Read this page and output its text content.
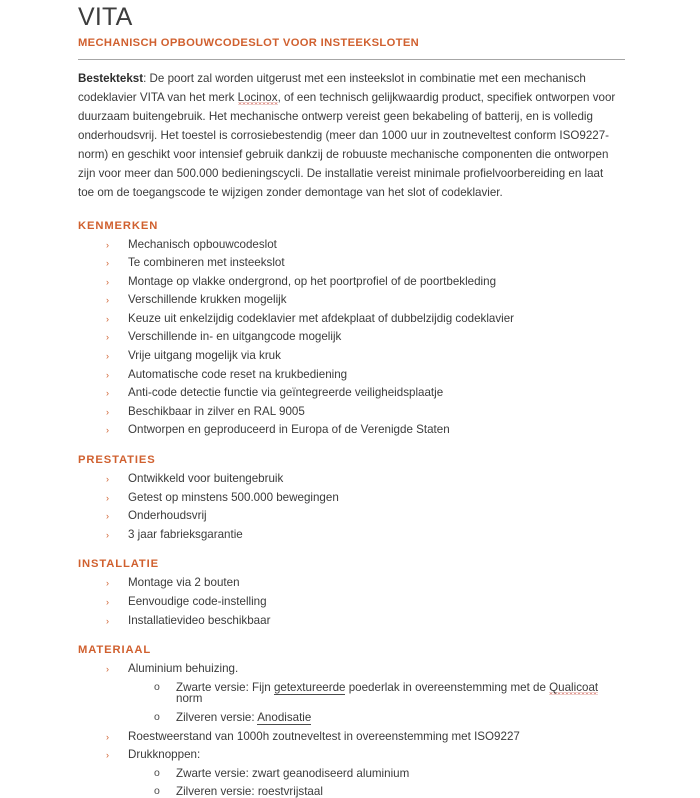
VITA
MECHANISCH OPBOUWCODESLOT VOOR INSTEEKSLOTEN

Bestektekst: De poort zal worden uitgerust met een insteekslot in combinatie met een mechanisch codeklavier VITA van het merk Locinox, of een technisch gelijkwaardig product, specifiek ontworpen voor duurzaam buitengebruik. Het mechanische ontwerp vereist geen bekabeling of batterij, en is volledig onderhoudsvrij. Het toestel is corrosiebestendig (meer dan 1000 uur in zoutneveltest conform ISO9227-norm) en geschikt voor intensief gebruik dankzij de robuuste mechanische componenten die ontworpen zijn voor meer dan 500.000 bedieningscycli. De installatie vereist minimale profielvoorbereiding en laat toe om de toegangscode te wijzigen zonder demontage van het slot of codeklavier.

KENMERKEN
› Mechanisch opbouwcodeslot
› Te combineren met insteekslot
› Montage op vlakke ondergrond, op het poortprofiel of de poortbekleding
› Verschillende krukken mogelijk
› Keuze uit enkelzijdig codeklavier met afdekplaat of dubbelzijdig codeklavier
› Verschillende in- en uitgangcode mogelijk
› Vrije uitgang mogelijk via kruk
› Automatische code reset na krukbediening
› Anti-code detectie functie via geïntegreerde veiligheidsplaatje
› Beschikbaar in zilver en RAL 9005
› Ontworpen en geproduceerd in Europa of de Verenigde Staten
PRESTATIES
› Ontwikkeld voor buitengebruik
› Getest op minstens 500.000 bewegingen
› Onderhoudsvrij
› 3 jaar fabrieksgarantie
INSTALLATIE
› Montage via 2 bouten
› Eenvoudige code-instelling
› Installatievideo beschikbaar
MATERIAAL
› Aluminium behuizing.
o Zwarte versie: Fijn getextureerde poederlak in overeenstemming met de Qualicoat norm
o Zilveren versie: Anodisatie
› Roestweerstand van 1000h zoutneveltest in overeenstemming met ISO9227
› Drukknoppen:
o Zwarte versie: zwart geanodiseerd aluminium
o Zilveren versie: roestvrijstaal
